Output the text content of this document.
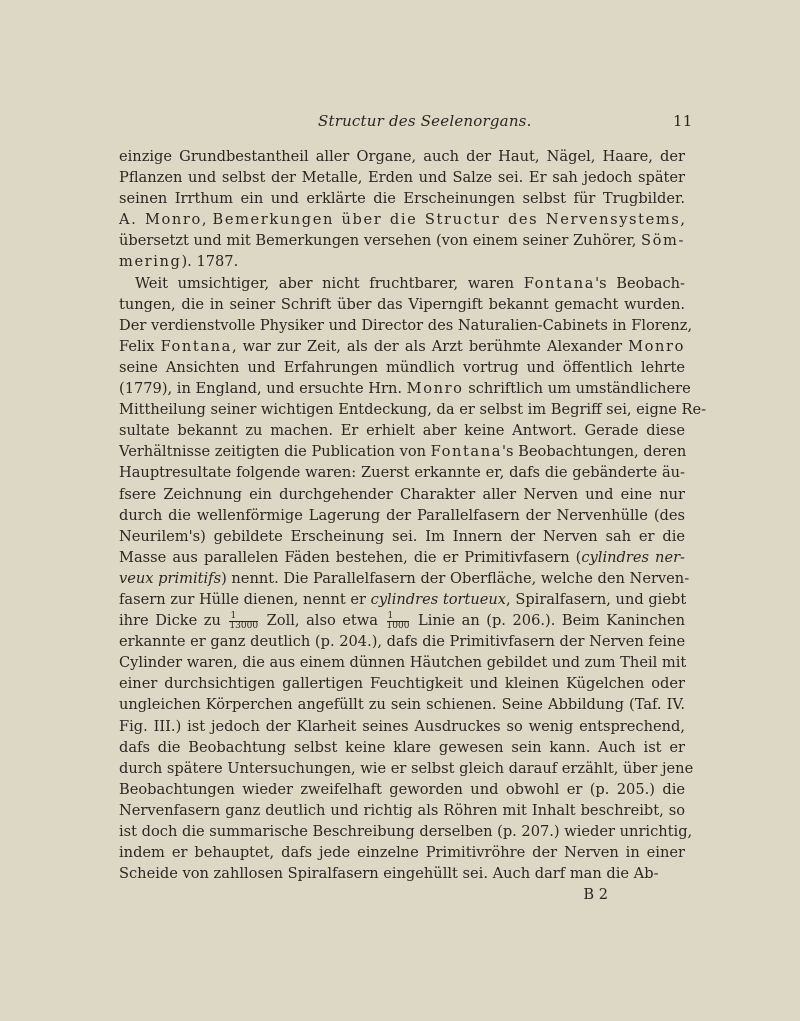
Structur des Seelenorgans.	11
einzige Grundbestantheil aller Organe, auch der Haut, Nägel, Haare, der
Pflanzen und selbst der Metalle, Erden und Salze sei. Er sah jedoch später
seinen Irrthum ein und erklärte die Erscheinungen selbst für Trugbilder.
A. Monro, Bemerkungen über die Structur des Nervensystems,
übersetzt und mit Bemerkungen versehen (von einem seiner Zuhörer, Söm-
mering). 1787.
Weit umsichtiger, aber nicht fruchtbarer, waren Fontana's Beobach-
tungen, die in seiner Schrift über das Viperngift bekannt gemacht wurden.
Der verdienstvolle Physiker und Director des Naturalien-Cabinets in Florenz,
Felix Fontana, war zur Zeit, als der als Arzt berühmte Alexander Monro
seine Ansichten und Erfahrungen mündlich vortrug und öffentlich lehrte
(1779), in England, und ersuchte Hrn. Monro schriftlich um umständlichere
Mittheilung seiner wichtigen Entdeckung, da er selbst im Begriff sei, eigne Re-
sultate bekannt zu machen. Er erhielt aber keine Antwort. Gerade diese
Verhältnisse zeitigten die Publication von Fontana's Beobachtungen, deren
Hauptresultate folgende waren: Zuerst erkannte er, dafs die gebänderte äu-
fsere Zeichnung ein durchgehender Charakter aller Nerven und eine nur
durch die wellenförmige Lagerung der Parallelfasern der Nervenhülle (des
Neurilem's) gebildete Erscheinung sei. Im Innern der Nerven sah er die
Masse aus parallelen Fäden bestehen, die er Primitivfasern (cylindres ner-
veux primitifs) nennt. Die Parallelfasern der Oberfläche, welche den Nerven-
fasern zur Hülle dienen, nennt er cylindres tortueux, Spiralfasern, und giebt
ihre Dicke zu $\frac{1}{13000}$ Zoll, also etwa $\frac{1}{1000}$ Linie an (p. 206.). Beim Kaninchen
erkannte er ganz deutlich (p. 204.), dafs die Primitivfasern der Nerven feine
Cylinder waren, die aus einem dünnen Häutchen gebildet und zum Theil mit
einer durchsichtigen gallertigen Feuchtigkeit und kleinen Kügelchen oder
ungleichen Körperchen angefüllt zu sein schienen. Seine Abbildung (Taf. IV.
Fig. III.) ist jedoch der Klarheit seines Ausdruckes so wenig entsprechend,
dafs die Beobachtung selbst keine klare gewesen sein kann. Auch ist er
durch spätere Untersuchungen, wie er selbst gleich darauf erzählt, über jene
Beobachtungen wieder zweifelhaft geworden und obwohl er (p. 205.) die
Nervenfasern ganz deutlich und richtig als Röhren mit Inhalt beschreibt, so
ist doch die summarische Beschreibung derselben (p. 207.) wieder unrichtig,
indem er behauptet, dafs jede einzelne Primitivröhre der Nerven in einer
Scheide von zahllosen Spiralfasern eingehüllt sei. Auch darf man die Ab-
B 2
